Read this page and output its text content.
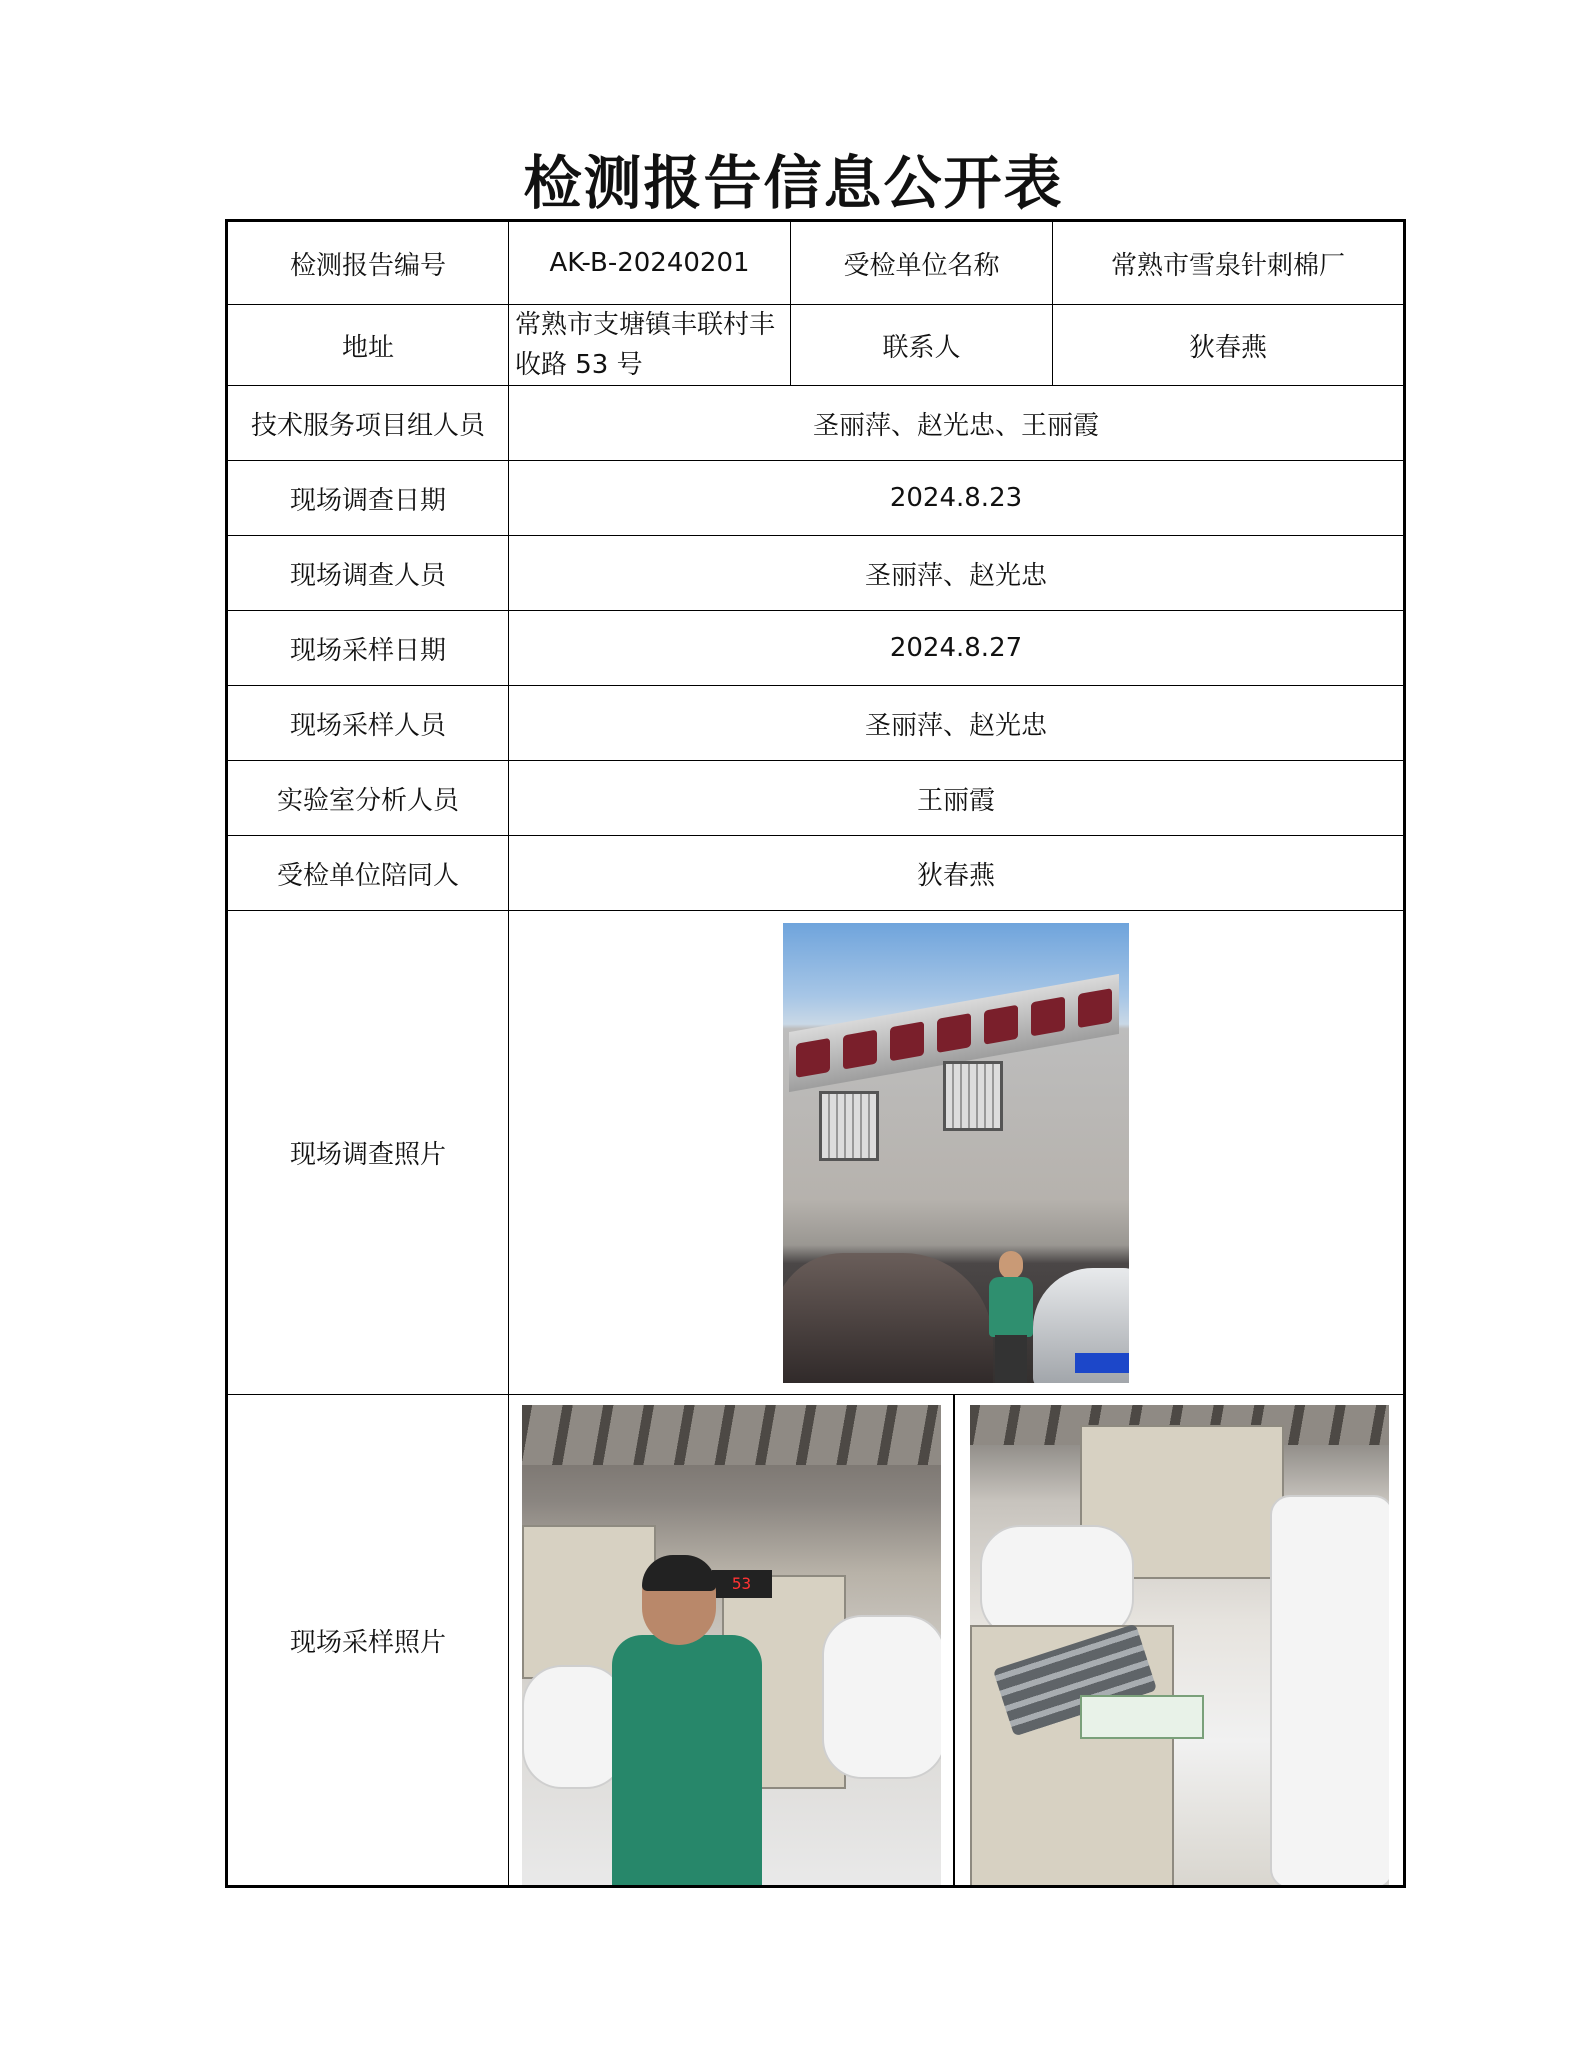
检测报告信息公开表
检测报告编号	AK-B-20240201	受检单位名称	常熟市雪泉针刺棉厂
地址	常熟市支塘镇丰联村丰收路 53 号	联系人	狄春燕
技术服务项目组人员	圣丽萍、赵光忠、王丽霞		
现场调查日期	2024.8.23		
现场调查人员	圣丽萍、赵光忠		
现场采样日期	2024.8.27		
现场采样人员	圣丽萍、赵光忠		
实验室分析人员	王丽霞		
受检单位陪同人	狄春燕		
现场调查照片			

现场采样照片	53		
